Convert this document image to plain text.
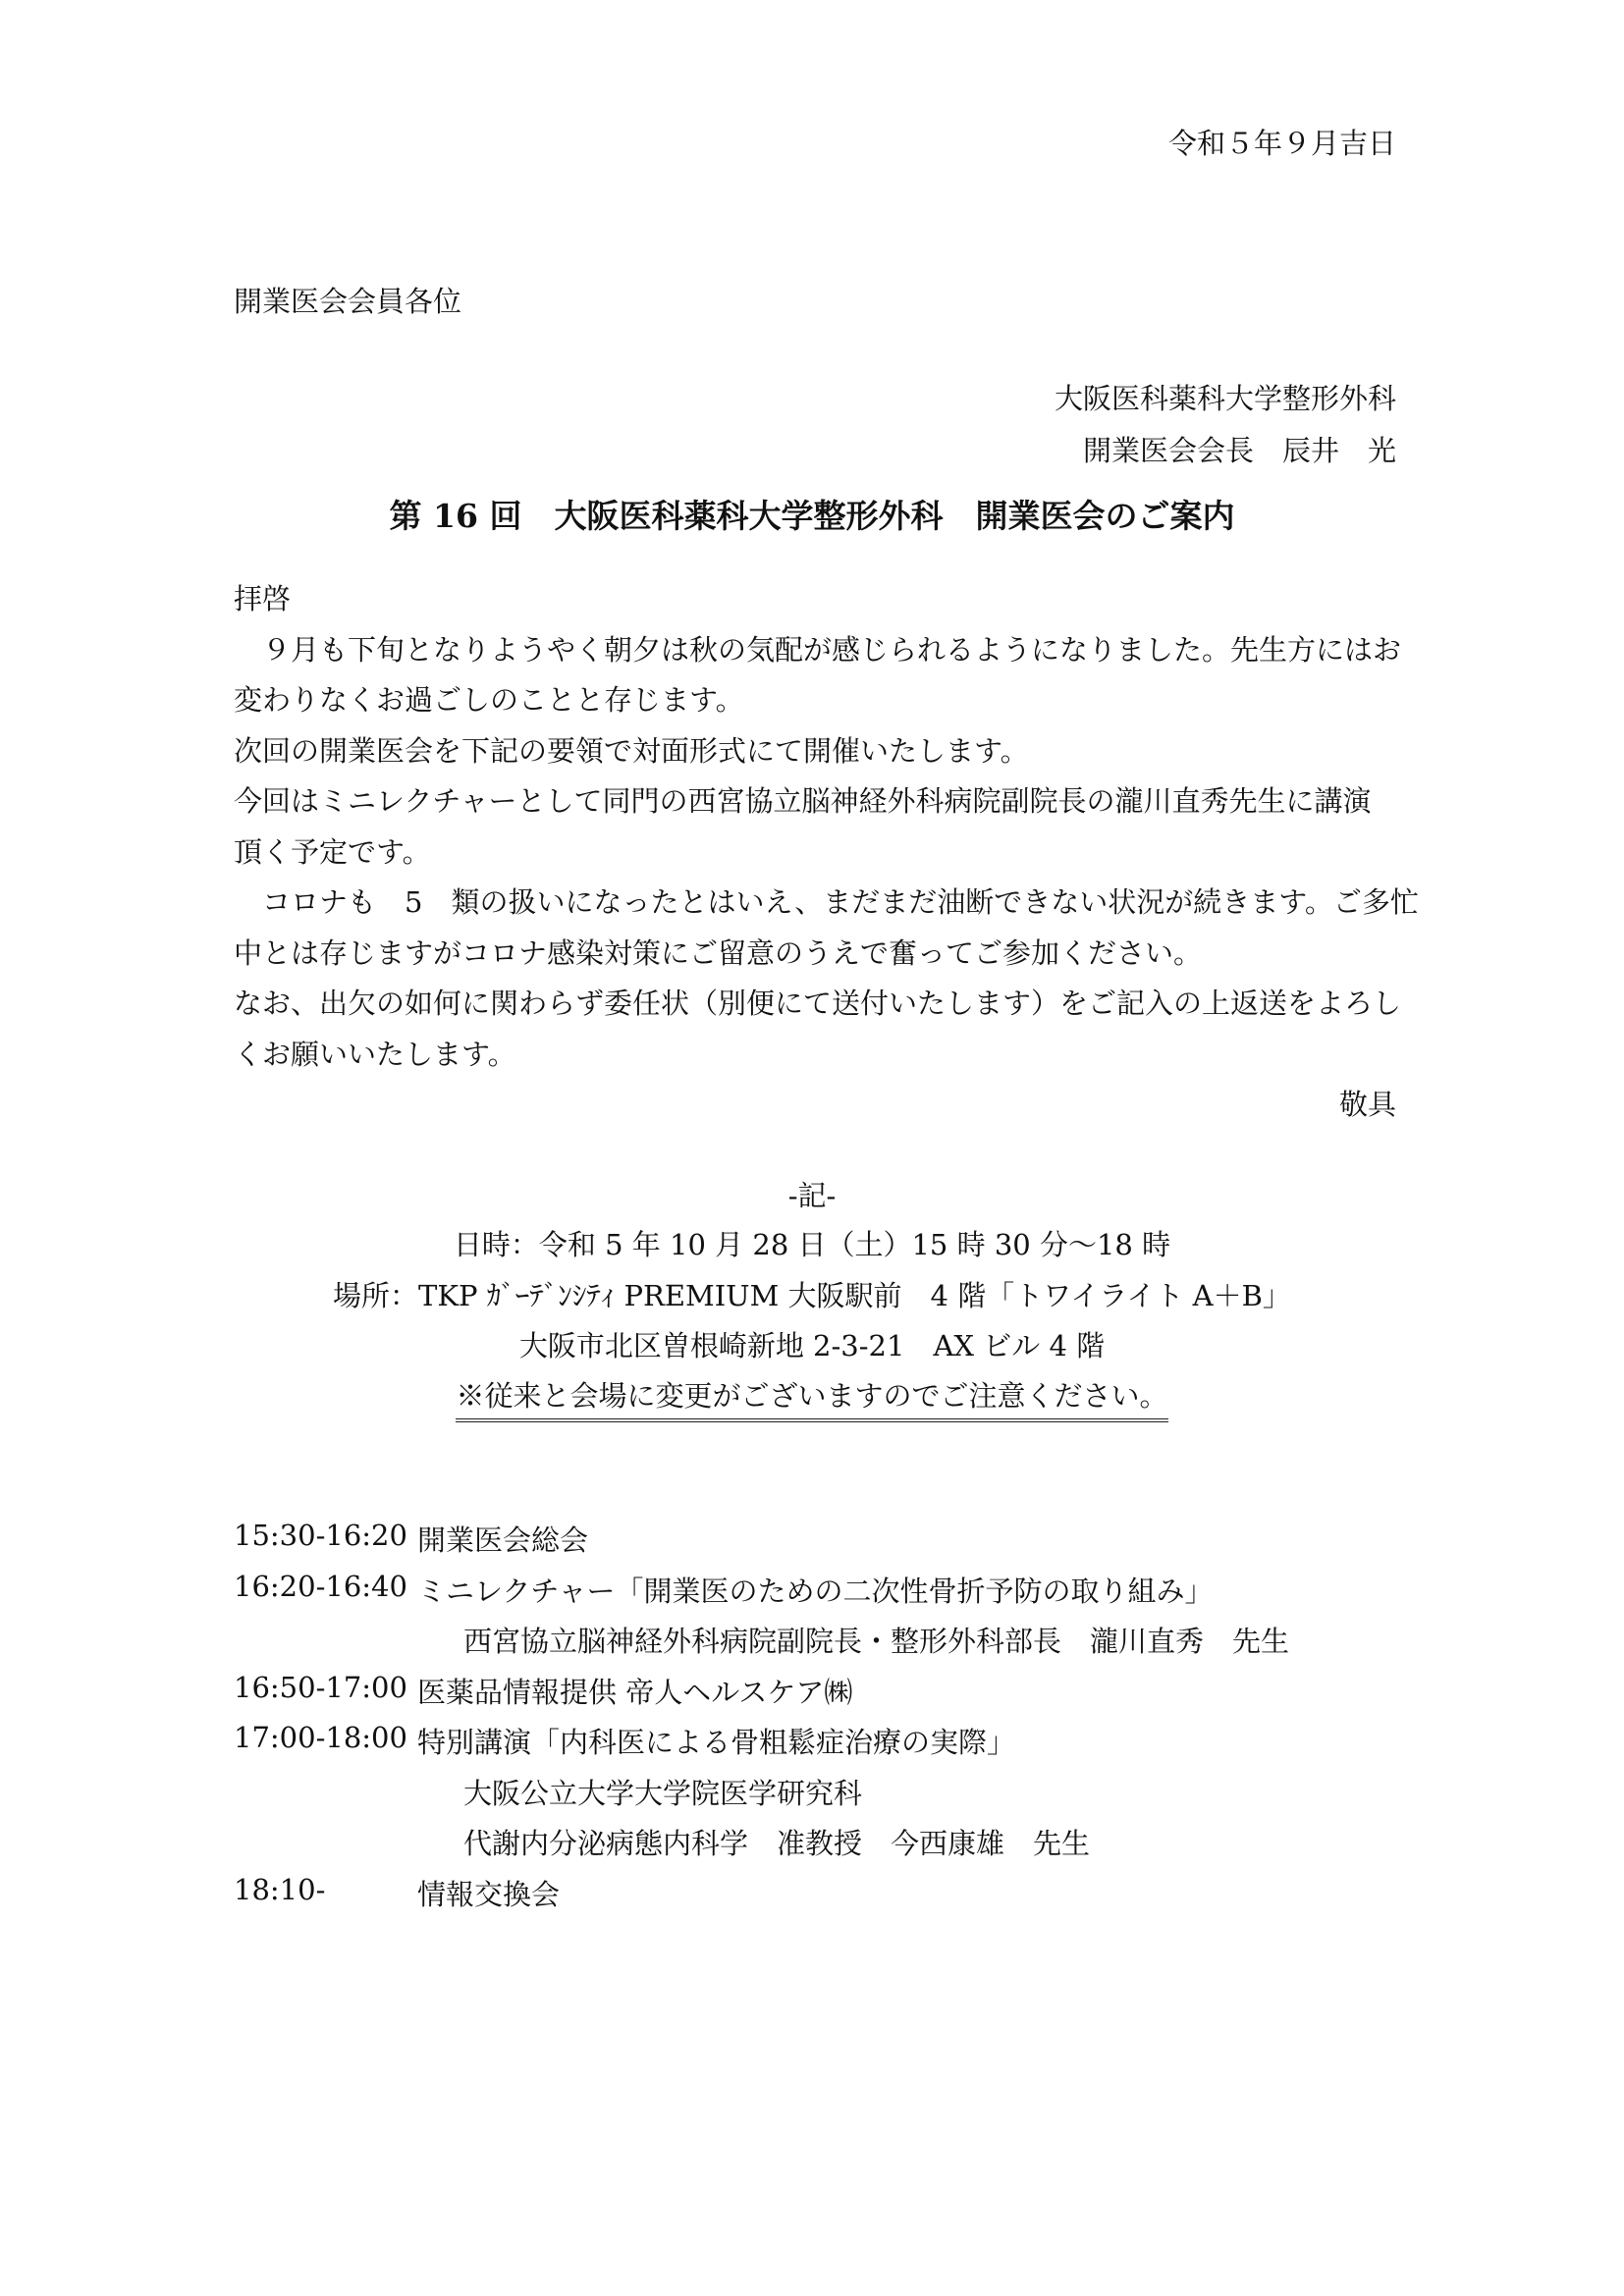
令和５年９月吉日
開業医会会員各位
大阪医科薬科大学整形外科
開業医会会長　辰井　光
第 16 回　大阪医科薬科大学整形外科　開業医会のご案内
拝啓
９月も下旬となりようやく朝夕は秋の気配が感じられるようになりました。先生方にはお
変わりなくお過ごしのことと存じます。
次回の開業医会を下記の要領で対面形式にて開催いたします。
今回はミニレクチャーとして同門の西宮協立脳神経外科病院副院長の瀧川直秀先生に講演
頂く予定です。
コロナも　5　類の扱いになったとはいえ、まだまだ油断できない状況が続きます。ご多忙
中とは存じますがコロナ感染対策にご留意のうえで奮ってご参加ください。
なお、出欠の如何に関わらず委任状（別便にて送付いたします）をご記入の上返送をよろし
くお願いいたします。
敬具
-記-
日時：令和 5 年 10 月 28 日（土）15 時 30 分～18 時
場所：TKP ｶﾞｰﾃﾞﾝｼﾃｨ PREMIUM 大阪駅前　4 階「トワイライト A＋B」
大阪市北区曽根崎新地 2-3-21　AX ビル 4 階
※従来と会場に変更がございますのでご注意ください。
15:30-16:20 開業医会総会
16:20-16:40 ミニレクチャー「開業医のための二次性骨折予防の取り組み」
西宮協立脳神経外科病院副院長・整形外科部長　瀧川直秀　先生
16:50-17:00 医薬品情報提供 帝人ヘルスケア㈱
17:00-18:00 特別講演「内科医による骨粗鬆症治療の実際」
大阪公立大学大学院医学研究科
代謝内分泌病態内科学　准教授　今西康雄　先生
18:10-	情報交換会
